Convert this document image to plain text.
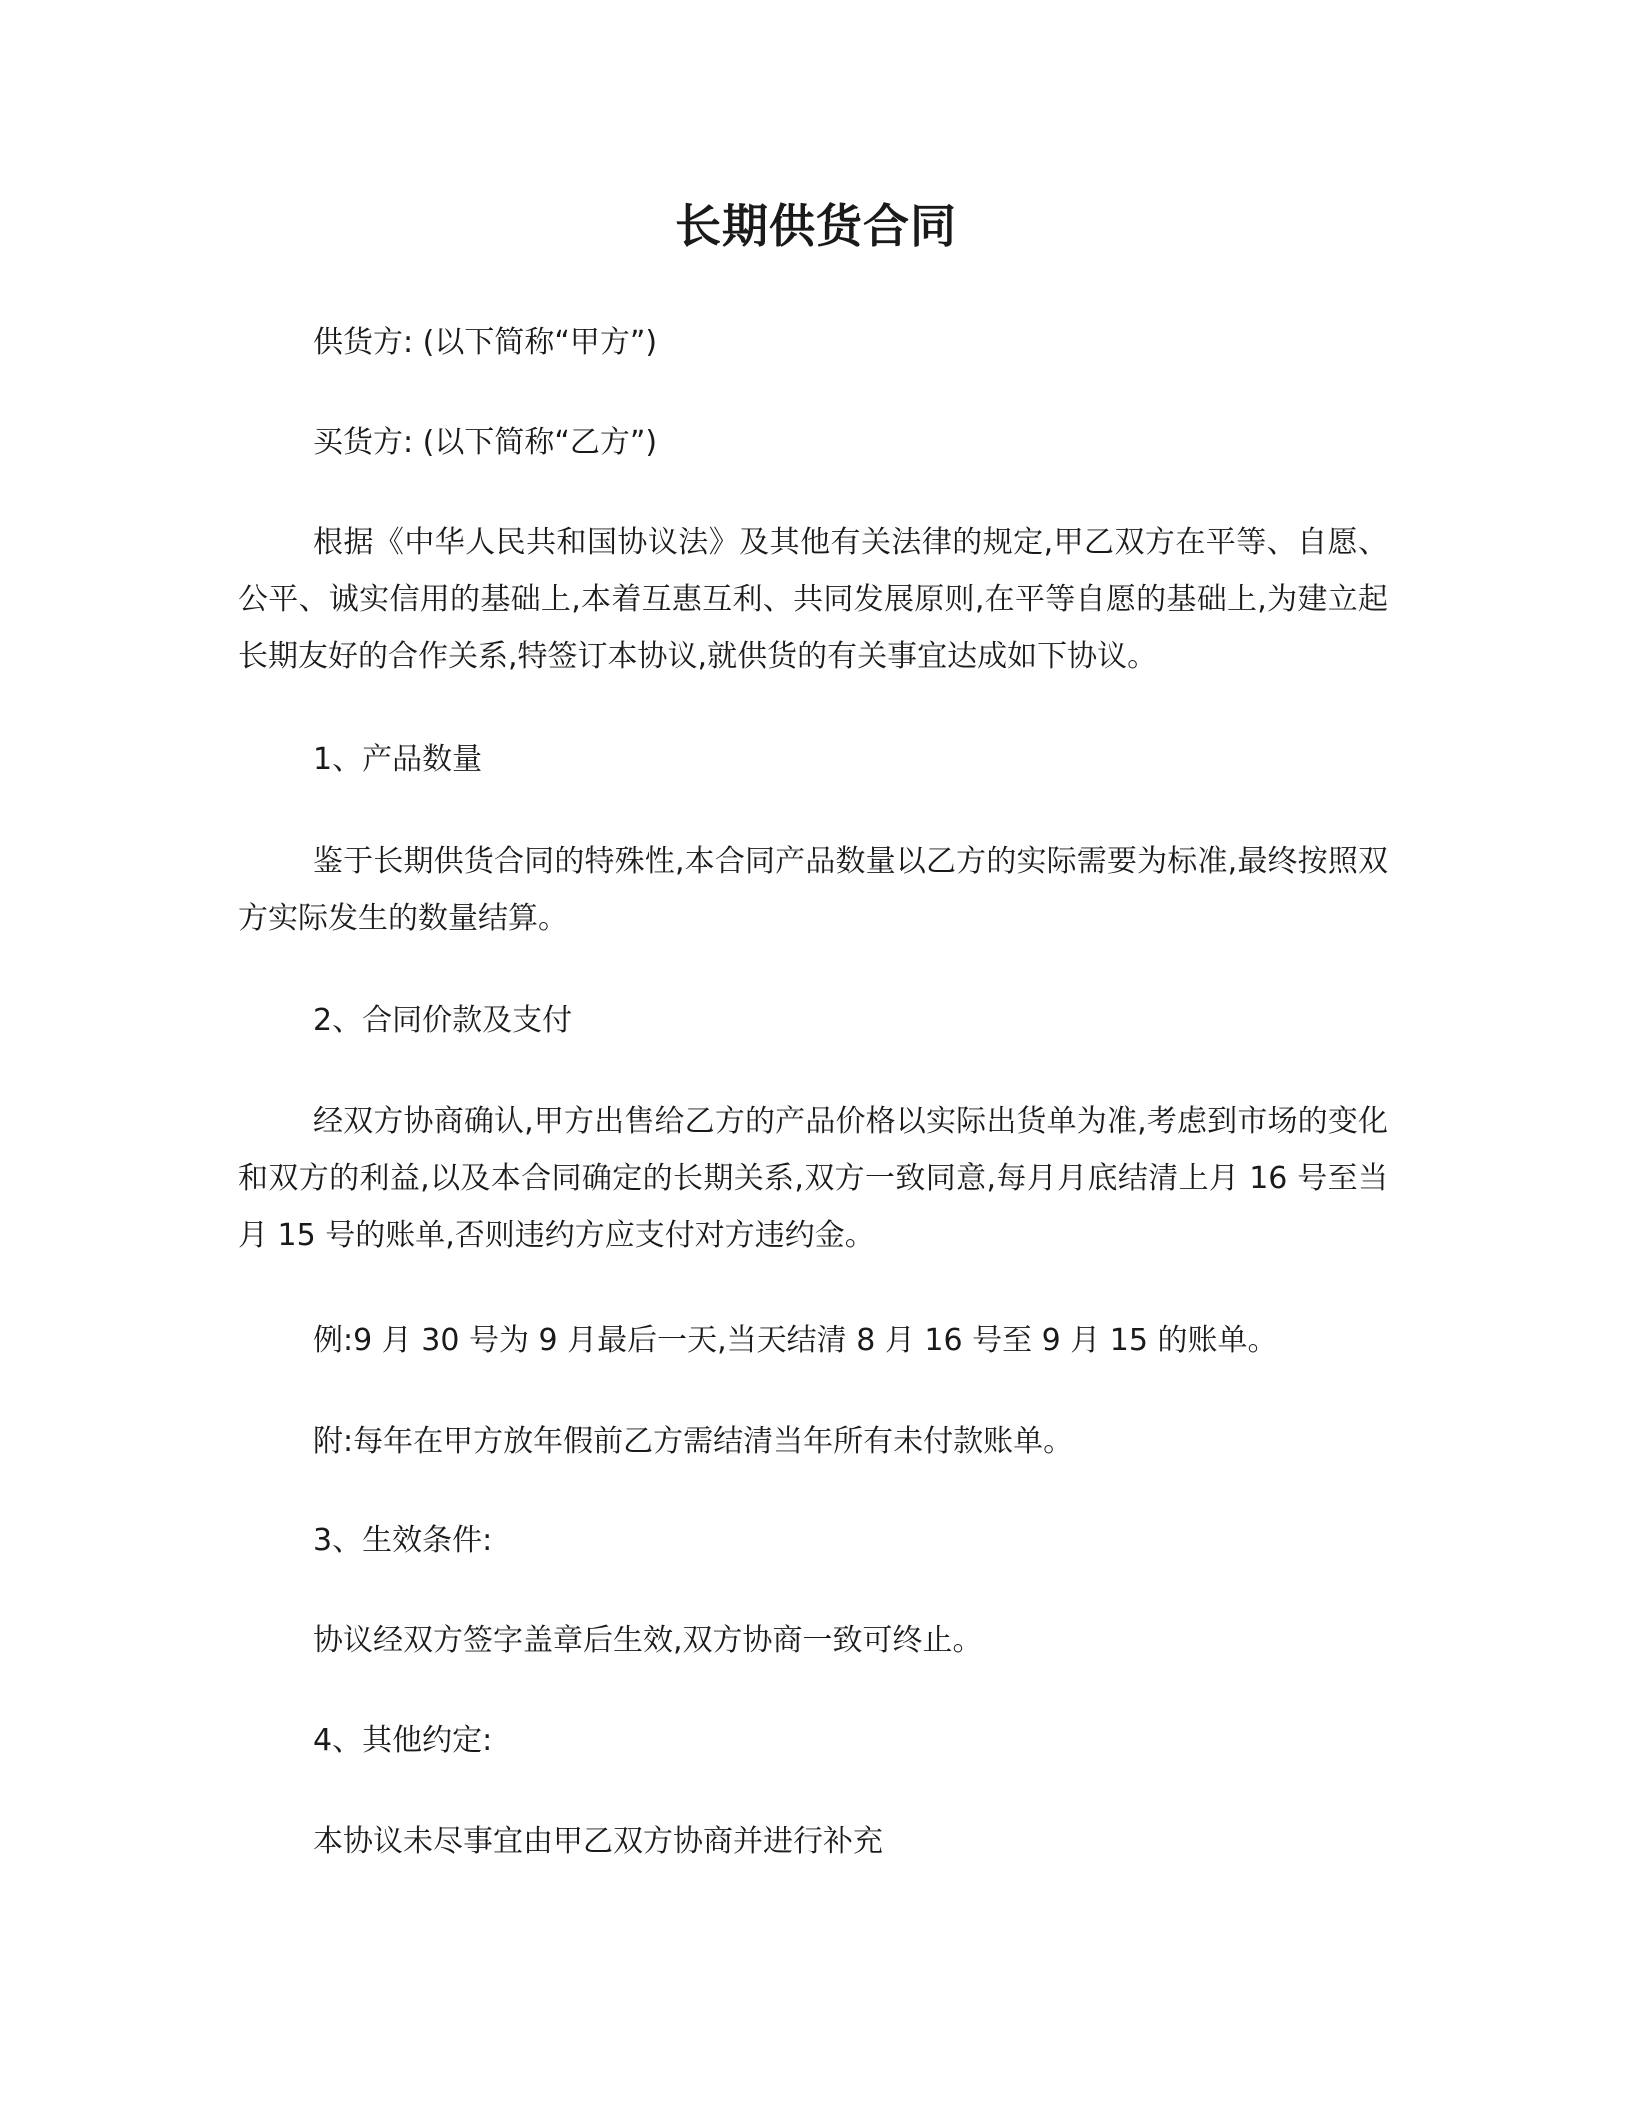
长期供货合同
供货方: (以下简称“甲方”)
买货方: (以下简称“乙方”)
根据《中华人民共和国协议法》及其他有关法律的规定,甲乙双方在平等、自愿、公平、诚实信用的基础上,本着互惠互利、共同发展原则,在平等自愿的基础上,为建立起长期友好的合作关系,特签订本协议,就供货的有关事宜达成如下协议。
1、产品数量
鉴于长期供货合同的特殊性,本合同产品数量以乙方的实际需要为标准,最终按照双方实际发生的数量结算。
2、合同价款及支付
经双方协商确认,甲方出售给乙方的产品价格以实际出货单为准,考虑到市场的变化和双方的利益,以及本合同确定的长期关系,双方一致同意,每月月底结清上月 16 号至当月 15 号的账单,否则违约方应支付对方违约金。
例:9 月 30 号为 9 月最后一天,当天结清 8 月 16 号至 9 月 15 的账单。
附:每年在甲方放年假前乙方需结清当年所有未付款账单。
3、生效条件:
协议经双方签字盖章后生效,双方协商一致可终止。
4、其他约定:
本协议未尽事宜由甲乙双方协商并进行补充
